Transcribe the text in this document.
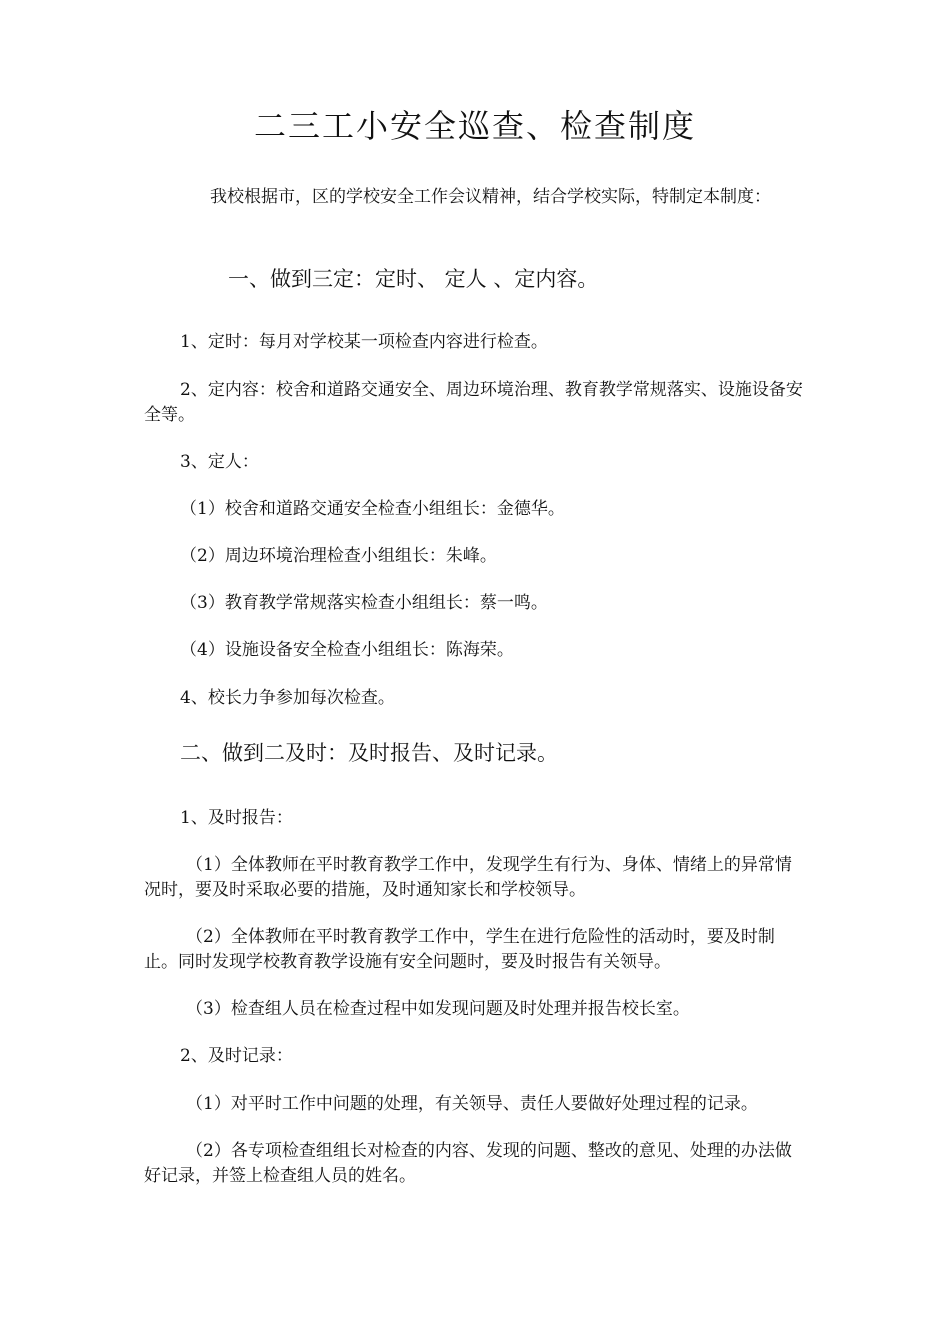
二三工小安全巡查、检查制度
我校根据市，区的学校安全工作会议精神，结合学校实际，特制定本制度：
一、做到三定：定时、 定人 、定内容。
1、定时：每月对学校某一项检查内容进行检查。
2、定内容：校舍和道路交通安全、周边环境治理、教育教学常规落实、设施设备安全等。
3、定人：
（1）校舍和道路交通安全检查小组组长：金德华。
（2）周边环境治理检查小组组长：朱峰。
（3）教育教学常规落实检查小组组长：蔡一鸣。
（4）设施设备安全检查小组组长：陈海荣。
4、校长力争参加每次检查。
二、做到二及时：及时报告、及时记录。
1、及时报告：
（1）全体教师在平时教育教学工作中，发现学生有行为、身体、情绪上的异常情况时，要及时采取必要的措施，及时通知家长和学校领导。
（2）全体教师在平时教育教学工作中，学生在进行危险性的活动时，要及时制止。同时发现学校教育教学设施有安全问题时，要及时报告有关领导。
（3）检查组人员在检查过程中如发现问题及时处理并报告校长室。
2、及时记录：
（1）对平时工作中问题的处理，有关领导、责任人要做好处理过程的记录。
（2）各专项检查组组长对检查的内容、发现的问题、整改的意见、处理的办法做好记录，并签上检查组人员的姓名。
